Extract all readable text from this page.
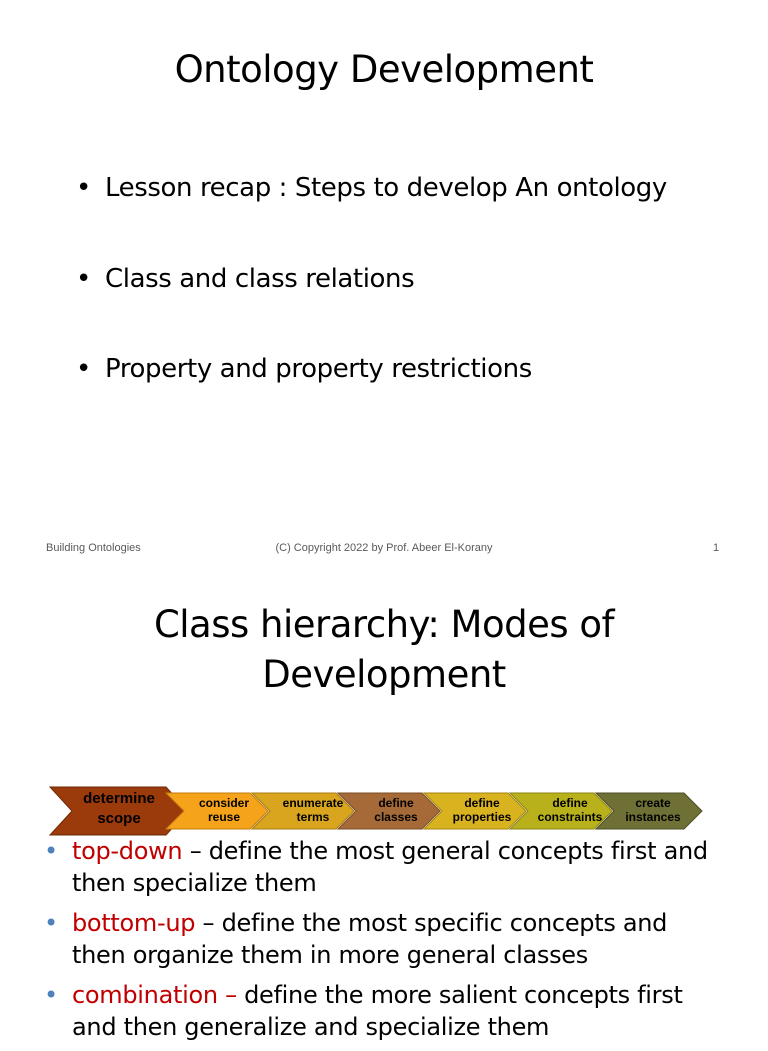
Ontology Development
• Lesson recap : Steps to develop An ontology
• Class and class relations
• Property and property restrictions
Building Ontologies	(C) Copyright 2022 by Prof. Abeer El-Korany	1
Class hierarchy: Modes of
Development
determine
scope
consider
reuse
enumerate
terms
define
classes
define
properties
define
constraints
create
instances
• top-down – define the most general concepts first and then specialize them
• bottom-up – define the most specific concepts and then organize them in more general classes
• combination – define the more salient concepts first and then generalize and specialize them
